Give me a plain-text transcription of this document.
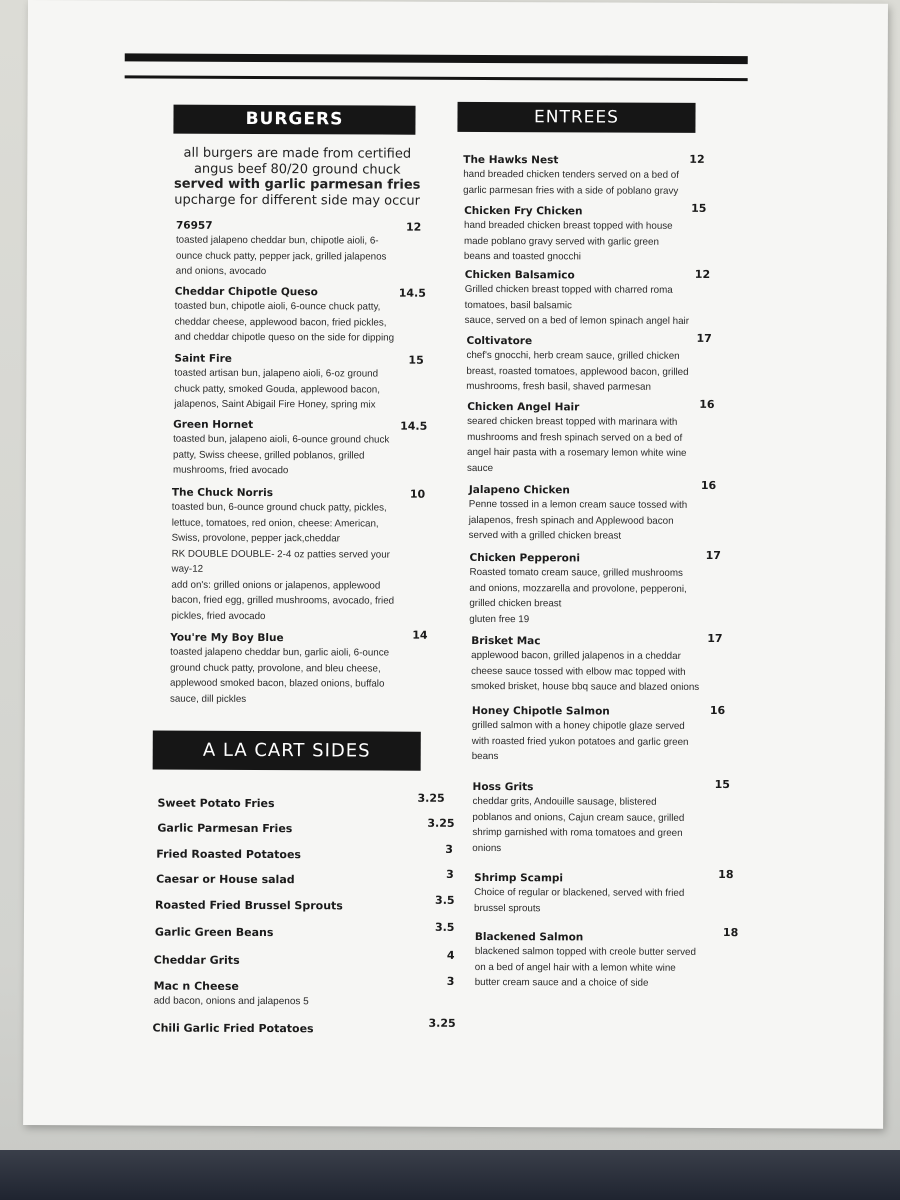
BURGERS
all burgers are made from certified
angus beef 80/20 ground chuck
served with garlic parmesan fries
upcharge for different side may occur
76957	12
toasted jalapeno cheddar bun, chipotle aioli, 6-
ounce chuck patty, pepper jack, grilled jalapenos
and onions, avocado
Cheddar Chipotle Queso	14.5
toasted bun, chipotle aioli, 6-ounce chuck patty,
cheddar cheese, applewood bacon, fried pickles,
and cheddar chipotle queso on the side for dipping
Saint Fire	15
toasted artisan bun, jalapeno aioli, 6-oz ground
chuck patty, smoked Gouda, applewood bacon,
jalapenos, Saint Abigail Fire Honey, spring mix
Green Hornet	14.5
toasted bun, jalapeno aioli, 6-ounce ground chuck
patty, Swiss cheese, grilled poblanos, grilled
mushrooms, fried avocado
The Chuck Norris	10
toasted bun, 6-ounce ground chuck patty, pickles,
lettuce, tomatoes, red onion, cheese: American,
Swiss, provolone, pepper jack,cheddar
RK DOUBLE DOUBLE- 2-4 oz patties served your
way-12
add on's: grilled onions or jalapenos, applewood
bacon, fried egg, grilled mushrooms, avocado, fried
pickles, fried avocado
You're My Boy Blue	14
toasted jalapeno cheddar bun, garlic aioli, 6-ounce
ground chuck patty, provolone, and bleu cheese,
applewood smoked bacon, blazed onions, buffalo
sauce, dill pickles
A LA CART SIDES
Sweet Potato Fries	3.25
Garlic Parmesan Fries	3.25
Fried Roasted Potatoes	3
Caesar or House salad	3
Roasted Fried Brussel Sprouts	3.5
Garlic Green Beans	3.5
Cheddar Grits	4
Mac n Cheese	3
add bacon, onions and jalapenos 5
Chili Garlic Fried Potatoes	3.25
ENTREES
The Hawks Nest	12
hand breaded chicken tenders served on a bed of
garlic parmesan fries with a side of poblano gravy
Chicken Fry Chicken	15
hand breaded chicken breast topped with house
made poblano gravy served with garlic green
beans and toasted gnocchi
Chicken Balsamico	12
Grilled chicken breast topped with charred roma
tomatoes, basil balsamic
sauce, served on a bed of lemon spinach angel hair
Coltivatore	17
chef's gnocchi, herb cream sauce, grilled chicken
breast, roasted tomatoes, applewood bacon, grilled
mushrooms, fresh basil, shaved parmesan
Chicken Angel Hair	16
seared chicken breast topped with marinara with
mushrooms and fresh spinach served on a bed of
angel hair pasta with a rosemary lemon white wine
sauce
Jalapeno Chicken	16
Penne tossed in a lemon cream sauce tossed with
jalapenos, fresh spinach and Applewood bacon
served with a grilled chicken breast
Chicken Pepperoni	17
Roasted tomato cream sauce, grilled mushrooms
and onions, mozzarella and provolone, pepperoni,
grilled chicken breast
gluten free 19
Brisket Mac	17
applewood bacon, grilled jalapenos in a cheddar
cheese sauce tossed with elbow mac topped with
smoked brisket, house bbq sauce and blazed onions
Honey Chipotle Salmon	16
grilled salmon with a honey chipotle glaze served
with roasted fried yukon potatoes and garlic green
beans
Hoss Grits	15
cheddar grits, Andouille sausage, blistered
poblanos and onions, Cajun cream sauce, grilled
shrimp garnished with roma tomatoes and green
onions
Shrimp Scampi	18
Choice of regular or blackened, served with fried
brussel sprouts
Blackened Salmon	18
blackened salmon topped with creole butter served
on a bed of angel hair with a lemon white wine
butter cream sauce and a choice of side
